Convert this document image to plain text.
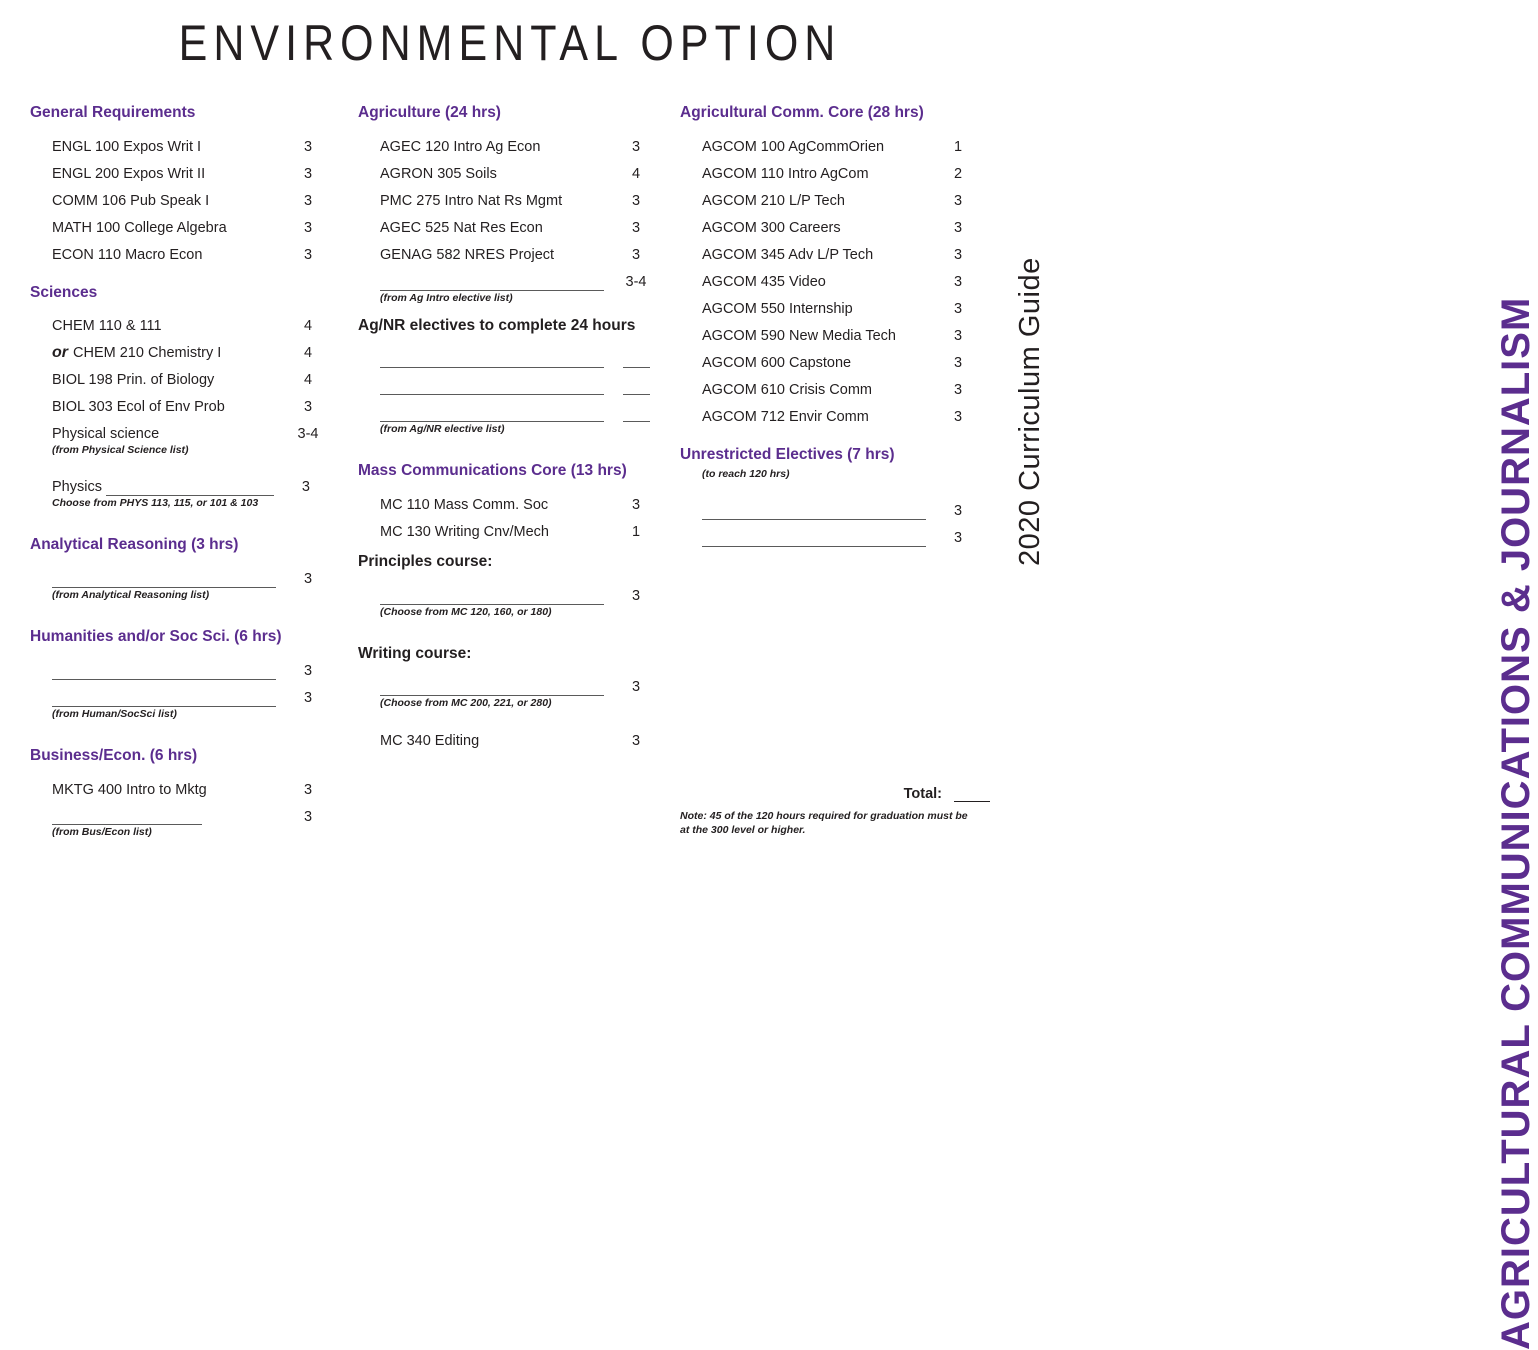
ENVIRONMENTAL OPTION
General Requirements
ENGL 100 Expos Writ I	3
ENGL 200 Expos Writ II	3
COMM 106 Pub Speak I	3
MATH 100 College Algebra	3
ECON 110 Macro Econ	3
Sciences
CHEM 110 & 111	4
or CHEM 210 Chemistry I	4
BIOL 198 Prin. of Biology	4
BIOL 303 Ecol of Env Prob	3
Physical science	3-4
(from Physical Science list)
Physics	3
Choose from PHYS 113, 115, or 101 & 103
Analytical Reasoning (3 hrs)
3
(from Analytical Reasoning list)
Humanities and/or Soc Sci. (6 hrs)
3
3
(from Human/SocSci list)
Business/Econ. (6 hrs)
MKTG 400 Intro to Mktg	3
3
(from Bus/Econ list)
Agriculture (24 hrs)
AGEC 120 Intro Ag Econ	3
AGRON 305 Soils	4
PMC 275 Intro Nat Rs Mgmt	3
AGEC 525 Nat Res Econ	3
GENAG 582 NRES Project	3
3-4
(from Ag Intro elective list)
Ag/NR electives to complete 24 hours
(from Ag/NR elective list)
Mass Communications Core (13 hrs)
MC 110 Mass Comm. Soc	3
MC 130 Writing Cnv/Mech	1
Principles course:
3
(Choose from MC 120, 160, or 180)
Writing course:
3
(Choose from MC 200, 221, or 280)
MC 340 Editing	3
Agricultural Comm. Core (28 hrs)
AGCOM 100 AgCommOrien	1
AGCOM 110 Intro AgCom	2
AGCOM 210 L/P Tech	3
AGCOM 300 Careers	3
AGCOM 345 Adv L/P Tech	3
AGCOM 435 Video	3
AGCOM 550 Internship	3
AGCOM 590 New Media Tech	3
AGCOM 600 Capstone	3
AGCOM 610 Crisis Comm	3
AGCOM 712 Envir Comm	3
Unrestricted Electives (7 hrs)
(to reach 120 hrs)
3
3
Total:
Note: 45 of the 120 hours required for graduation must be at the 300 level or higher.	AGRICULTURAL COMMUNICATIONS & JOURNALISM
2020 Curriculum Guide
